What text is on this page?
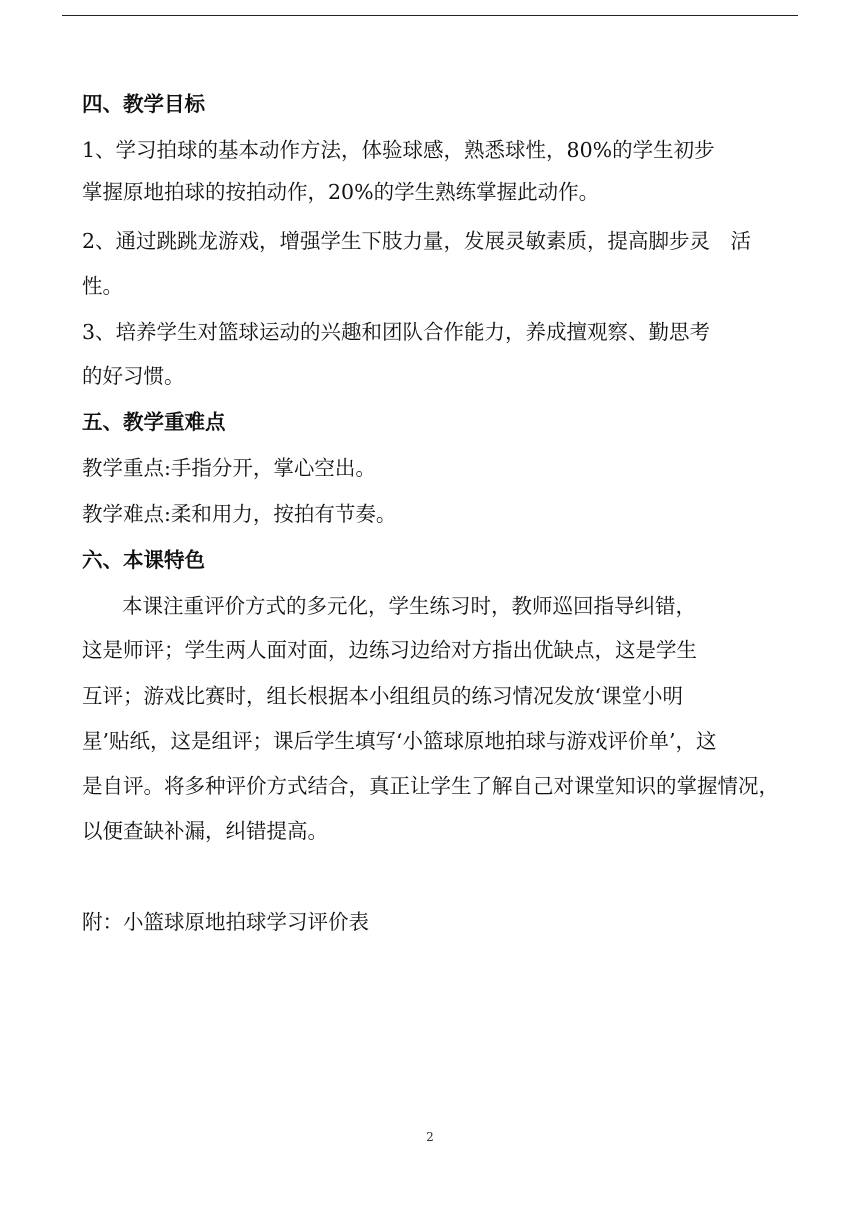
四、教学目标

1、学习拍球的基本动作方法，体验球感，熟悉球性，80%的学生初步

掌握原地拍球的按拍动作，20%的学生熟练掌握此动作。

2、通过跳跳龙游戏，增强学生下肢力量，发展灵敏素质，提高脚步灵　活

性。

3、培养学生对篮球运动的兴趣和团队合作能力，养成擅观察、勤思考

的好习惯。

五、教学重难点

教学重点:手指分开，掌心空出。

教学难点:柔和用力，按拍有节奏。

六、本课特色

本课注重评价方式的多元化，学生练习时，教师巡回指导纠错，

这是师评；学生两人面对面，边练习边给对方指出优缺点，这是学生

互评；游戏比赛时，组长根据本小组组员的练习情况发放‘课堂小明

星’贴纸，这是组评；课后学生填写‘小篮球原地拍球与游戏评价单’，这

是自评。将多种评价方式结合，真正让学生了解自己对课堂知识的掌握情况，

以便查缺补漏，纠错提高。

附：小篮球原地拍球学习评价表

2
